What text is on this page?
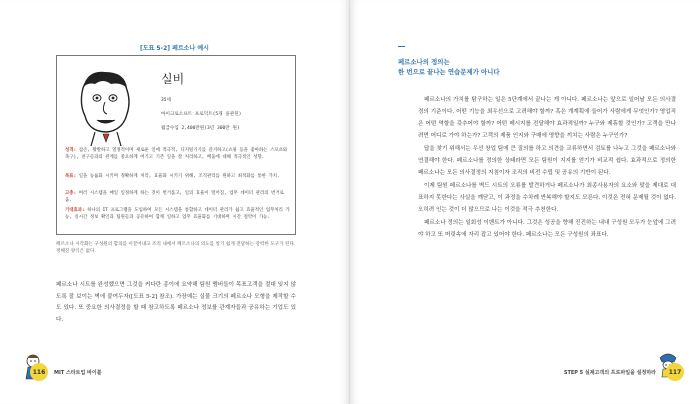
[도표 5-2] 페르소나 예시
실비

35세

마이크로소프트 프로덕트(5개 윤관된)

월급수입 2,400만원(3년 300만 원)

성격: 겸손, 활발하고 열정적이며 새로운 일에 적극적, 디지털기기를 즐겨하고(쇼핑 등을 좋아하는 스포츠와 축구), 친구들과의 관계를 중요하게 여기고 기존 일을 잘 처리하고, 배움에 대해 적극적인 성향.
목표: 일을 능률화 시키며 정확하게 처리, 효율화 시키기 위해, 조직관리를 원하고 최적화를 통한 가치.
고충: 여러 시스템을 매일 일정하게 하는 것이 번거롭고, 일의 효율이 떨어짐, 업무 데이터 관리의 번거로움.
기대효과: 하나의 IT 프로그램을 도입하여 모든 시스템을 통합하고 데이터 관리가 쉽고 효율적인 업무처리 가능, 실시간 정보 확인과 팀원들과 공유하여 함께 일하고 업무 효율화를 기대하며 시간 절약이 가능.
페르소나 시각화는 구성원의 합의를 이끌어내고 조직 내에서 페르소나의 의도를 알기 쉽게 전달하는 강력한 도구가 된다. 정해진 양식은 없다.
페르소나 시트를 완성했으면 그것을 커다란 종이에 요약해 팀원 멤버들이 목표고객을 절대 잊지 않도록 잘 보이는 벽에 붙여두자([도표 5-2] 참조). 가장예는 실물 크기의 페르소나 모형을 제작할 수도 있다. 또 중요한 의사결정을 할 때 참고하도록 페르소나 정보를 관계자들과 공유하는 기업도 있다.
116	MIT 스타트업 바이블
페르소나의 정의는
한 번으로 끝나는 연습문제가 아니다

페르소나의 가치를 탐구하는 일은 5단계에서 끝나는 게 아니다. 페르소나는 앞으로 일어날 모든 의사결정의 기준이다. 어떤 기능을 최우선으로 고려해야 할까? 혹은 개계획에 들어가 사람에게 무엇인가? 영업직은 어떤 역할을 갖추어야 할까? 어떤 메시지를 전달해야 효과적일까? 누구와 제휴할 것인가? 고객을 만나려면 어디로 가야 하는가? 고객의 제품 인지와 구매에 영향을 끼치는 사람은 누구인가?

답을 찾기 위해서는 우선 창업 팀에 큰 질의를 하고 의견을 교류하면서 검토를 나누고 그것을 페르소나와 연결해야 한다. 페르소나를 정의한 상태라면 모든 팀원이 지지를 얻기가 비교적 쉽다. 효과적으로 정의한 페르소나는 모든 의사결정의 지침이자 조직의 비전 수립 및 공유의 기반이 된다.

이제 팀원 페르소나를 벽드 시트의 오류를 발견하거나 페르소나가 최종사용자의 요소와 맞을 제대로 대표하지 못한다는 사실을 깨닫고, 이 과정을 수차례 반복해야 할지도 모른다. 이것은 전혀 문제될 것이 없다. 오히려 인는 것이 더 많으므로 나는 이것을 적극 추천한다.

페르소나 정의는 일회성 이벤트가 아니다. 그것은 성공을 향해 진진하는 내내 구성원 모두가 눈앞에 그려야 하고 또 머릿속에 자리 잡고 있어야 한다. 페르소나는 모든 구성원의 좌표다.

STEP 5 실제고객의 프로파일을 설정하라	117
